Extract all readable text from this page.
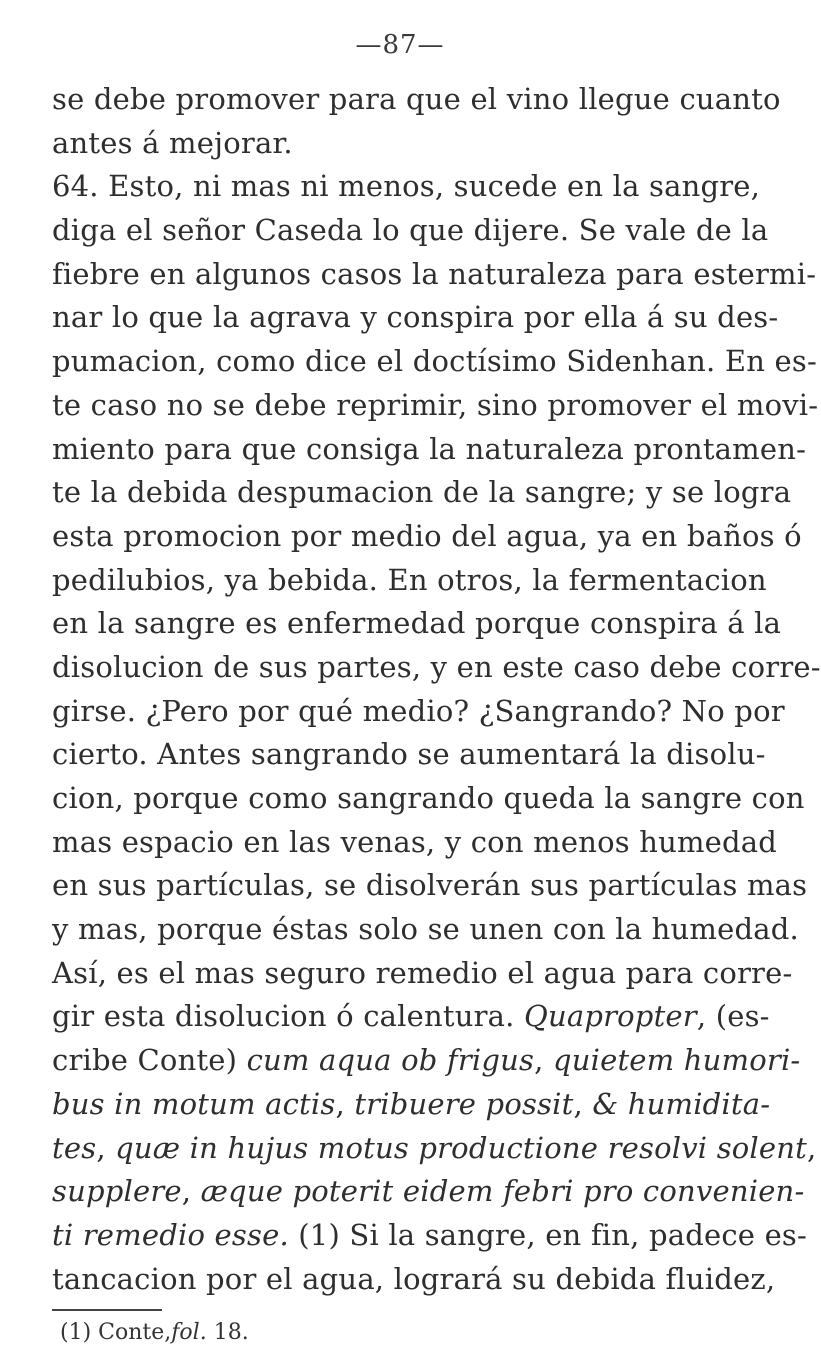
—87—
se debe promover para que el vino llegue cuanto
antes á mejorar.
64. Esto, ni mas ni menos, sucede en la sangre,
diga el señor Caseda lo que dijere. Se vale de la
fiebre en algunos casos la naturaleza para estermi-
nar lo que la agrava y conspira por ella á su des-
pumacion, como dice el doctísimo Sidenhan. En es-
te caso no se debe reprimir, sino promover el movi-
miento para que consiga la naturaleza prontamen-
te la debida despumacion de la sangre; y se logra
esta promocion por medio del agua, ya en baños ó
pedilubios, ya bebida. En otros, la fermentacion
en la sangre es enfermedad porque conspira á la
disolucion de sus partes, y en este caso debe corre-
girse. ¿Pero por qué medio? ¿Sangrando? No por
cierto. Antes sangrando se aumentará la disolu-
cion, porque como sangrando queda la sangre con
mas espacio en las venas, y con menos humedad
en sus partículas, se disolverán sus partículas mas
y mas, porque éstas solo se unen con la humedad.
Así, es el mas seguro remedio el agua para corre-
gir esta disolucion ó calentura. Quapropter, (es-
cribe Conte) cum aqua ob frigus, quietem humori-
bus in motum actis, tribuere possit, & humidita-
tes, quæ in hujus motus productione resolvi solent,
supplere, æque poterit eidem febri pro convenien-
ti remedio esse. (1) Si la sangre, en fin, padece es-
tancacion por el agua, logrará su debida fluidez,
(1) Conte,fol. 18.
